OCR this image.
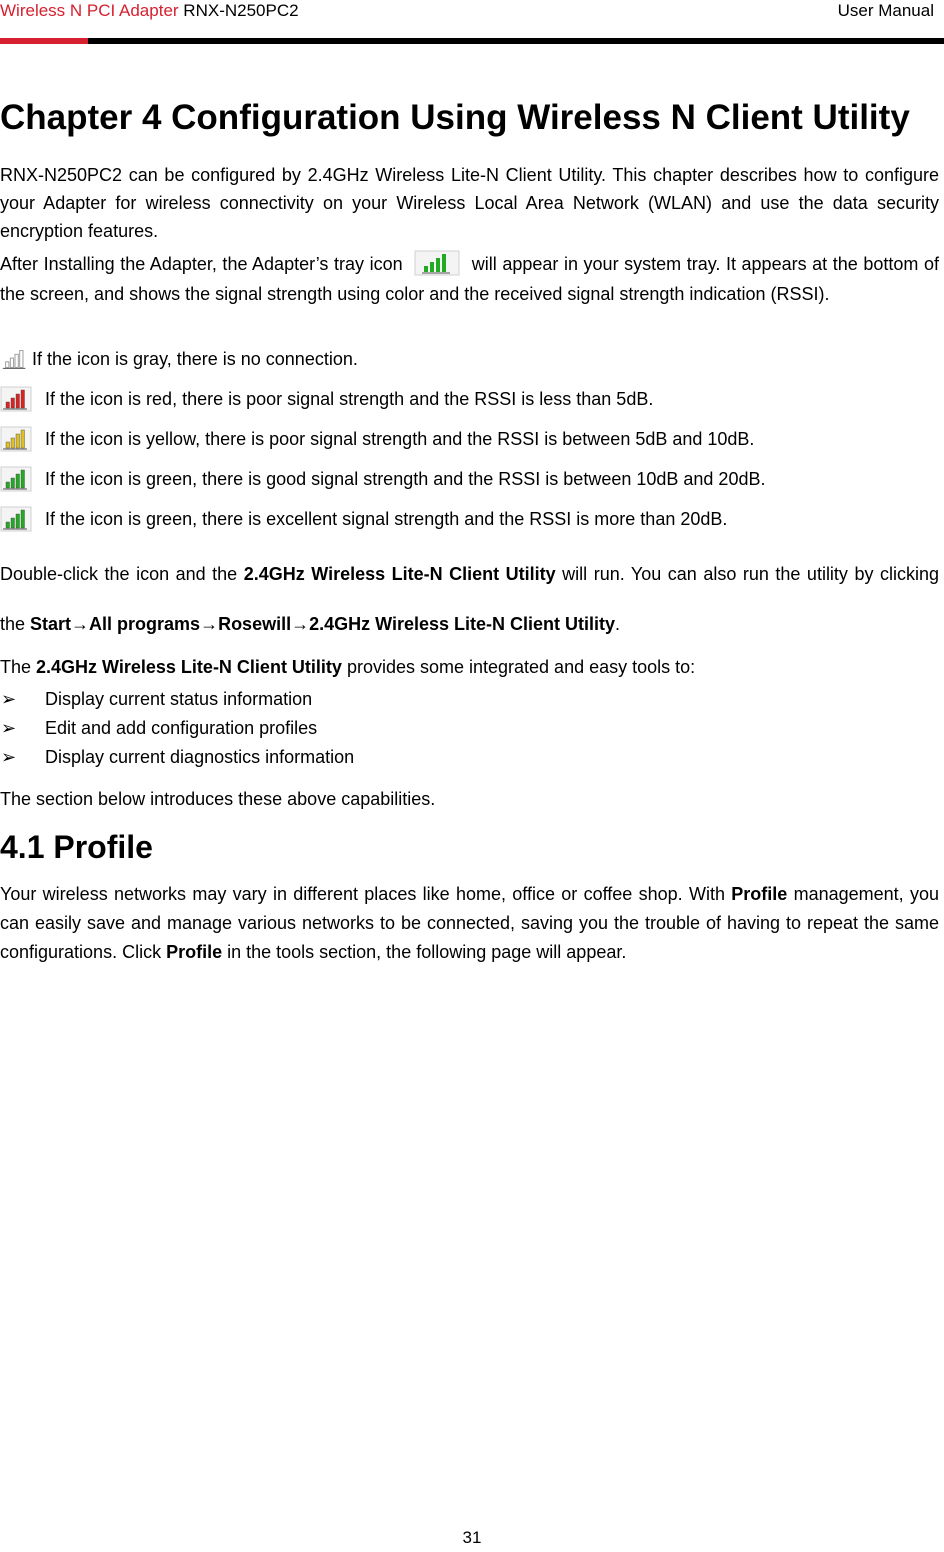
Wireless N PCI Adapter RNX-N250PC2	User Manual
Chapter 4 Configuration Using Wireless N Client Utility

RNX-N250PC2 can be configured by 2.4GHz Wireless Lite-N Client Utility. This chapter describes how to configure your Adapter for wireless connectivity on your Wireless Local Area Network (WLAN) and use the data security encryption features.

After Installing the Adapter, the Adapter’s tray icon	will appear in your system tray. It appears at the bottom of the screen, and shows the signal strength using color and the received signal strength indication (RSSI).

If the icon is gray, there is no connection.
If the icon is red, there is poor signal strength and the RSSI is less than 5dB.
If the icon is yellow, there is poor signal strength and the RSSI is between 5dB and 10dB.
If the icon is green, there is good signal strength and the RSSI is between 10dB and 20dB.
If the icon is green, there is excellent signal strength and the RSSI is more than 20dB.

Double-click the icon and the 2.4GHz Wireless Lite-N Client Utility will run. You can also run the utility by clicking the Start→All programs→Rosewill→2.4GHz Wireless Lite-N Client Utility.

The 2.4GHz Wireless Lite-N Client Utility provides some integrated and easy tools to:

➢	Display current status information
➢	Edit and add configuration profiles
➢	Display current diagnostics information

The section below introduces these above capabilities.

4.1 Profile

Your wireless networks may vary in different places like home, office or coffee shop. With Profile management, you can easily save and manage various networks to be connected, saving you the trouble of having to repeat the same configurations. Click Profile in the tools section, the following page will appear.

31
